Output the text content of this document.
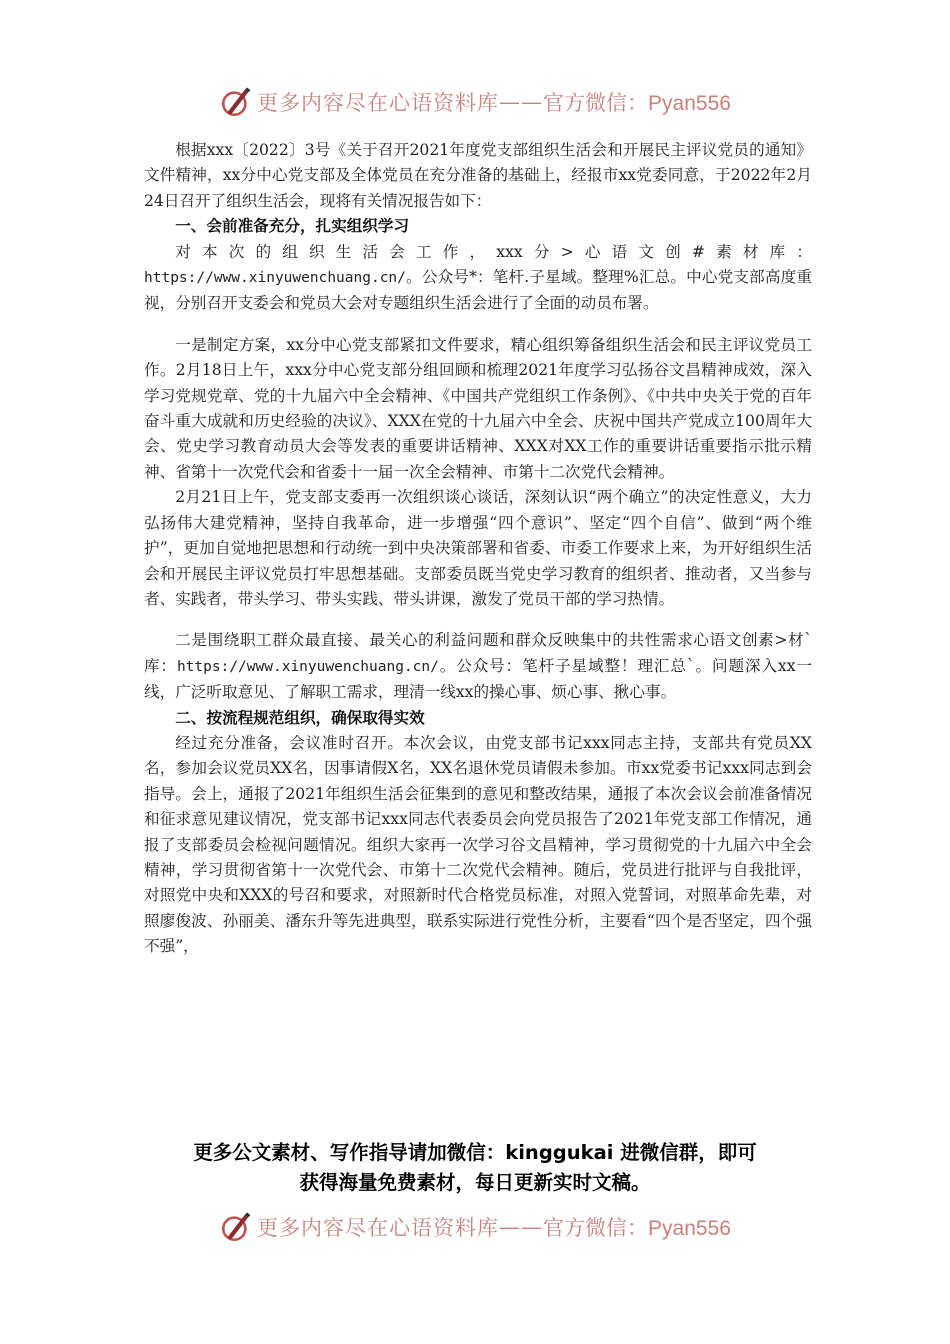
更多内容尽在心语资料库 —— 官方微信：Pyan556

根据xxx〔2022〕3号《关于召开2021年度党支部组织生活会和开展民主评议党员的通知》文件精神，xx分中心党支部及全体党员在充分准备的基础上，经报市xx党委同意，于2022年2月24日召开了组织生活会，现将有关情况报告如下：

一、会前准备充分，扎实组织学习

对本次的组织生活会工作，xxx分>心语文创#素材库：https://www.xinyuwenchuang.cn/。公众号*：笔杆.子星域。整理%汇总。中心党支部高度重视，分别召开支委会和党员大会对专题组织生活会进行了全面的动员布署。

一是制定方案，xx分中心党支部紧扣文件要求，精心组织筹备组织生活会和民主评议党员工作。2月18日上午，xxx分中心党支部分组回顾和梳理2021年度学习弘扬谷文昌精神成效，深入学习党规党章、党的十九届六中全会精神、《中国共产党组织工作条例》、《中共中央关于党的百年奋斗重大成就和历史经验的决议》、XXX在党的十九届六中全会、庆祝中国共产党成立100周年大会、党史学习教育动员大会等发表的重要讲话精神、XXX对XX工作的重要讲话重要指示批示精神、省第十一次党代会和省委十一届一次全会精神、市第十二次党代会精神。

2月21日上午，党支部支委再一次组织谈心谈话，深刻认识“两个确立”的决定性意义，大力弘扬伟大建党精神，坚持自我革命，进一步增强“四个意识”、坚定“四个自信”、做到“两个维护”，更加自觉地把思想和行动统一到中央决策部署和省委、市委工作要求上来，为开好组织生活会和开展民主评议党员打牢思想基础。支部委员既当党史学习教育的组织者、推动者，又当参与者、实践者，带头学习、带头实践、带头讲课，激发了党员干部的学习热情。

二是围绕职工群众最直接、最关心的利益问题和群众反映集中的共性需求心语文创素>材`库：https://www.xinyuwenchuang.cn/。公众号：笔杆子星域整！理汇总`。问题深入xx一线，广泛听取意见、了解职工需求，理清一线xx的操心事、烦心事、揪心事。

二、按流程规范组织，确保取得实效

经过充分准备，会议准时召开。本次会议，由党支部书记xxx同志主持，支部共有党员XX名，参加会议党员XX名，因事请假X名，XX名退休党员请假未参加。市xx党委书记xxx同志到会指导。会上，通报了2021年组织生活会征集到的意见和整改结果，通报了本次会议会前准备情况和征求意见建议情况，党支部书记xxx同志代表委员会向党员报告了2021年党支部工作情况，通报了支部委员会检视问题情况。组织大家再一次学习谷文昌精神，学习贯彻党的十九届六中全会精神，学习贯彻省第十一次党代会、市第十二次党代会精神。随后，党员进行批评与自我批评，对照党中央和XXX的号召和要求，对照新时代合格党员标准，对照入党誓词，对照革命先辈，对照廖俊波、孙丽美、潘东升等先进典型，联系实际进行党性分析，主要看“四个是否坚定，四个强不强”，

更多公文素材、写作指导请加微信：kinggukai 进微信群，即可
获得海量免费素材，每日更新实时文稿。
更多内容尽在心语资料库 —— 官方微信：Pyan556
